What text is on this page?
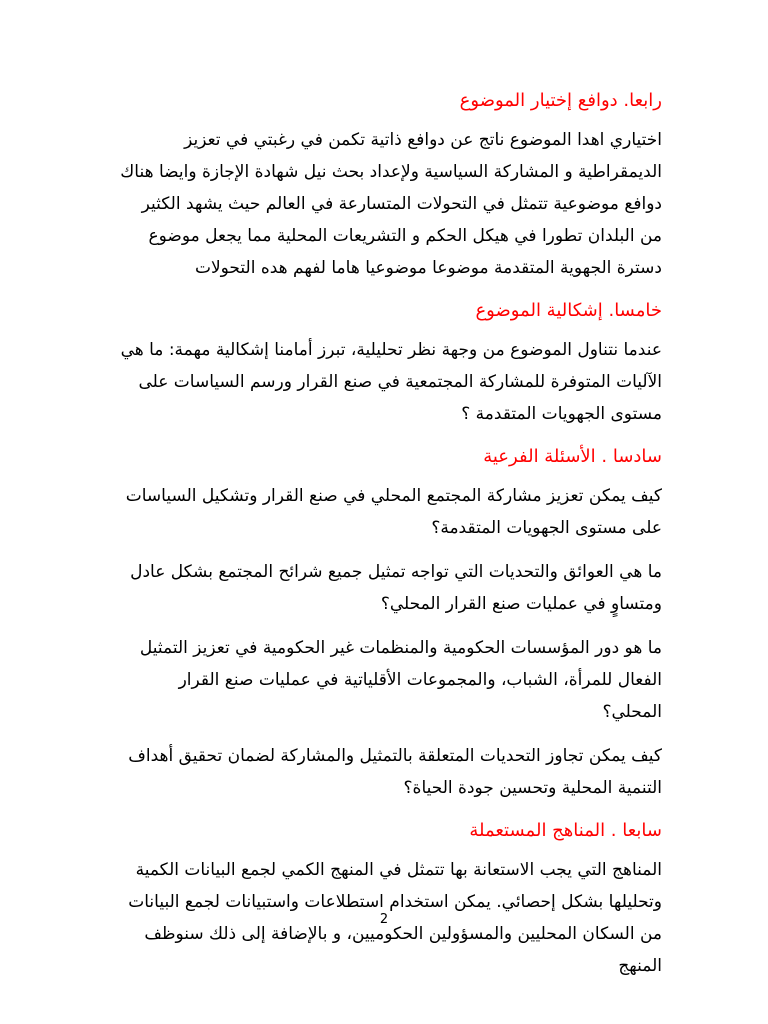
رابعا. دوافع إختيار الموضوع

اختياري اهدا الموضوع ناتج عن دوافع ذاتية تكمن في رغبتي في تعزيز الديمقراطية و المشاركة السياسية ولإعداد بحث نيل شهادة الإجازة وايضا هناك دوافع موضوعية تتمثل في التحولات المتسارعة في العالم حيث يشهد الكثير من البلدان تطورا في هيكل الحكم و التشريعات المحلية مما يجعل موضوع دسترة الجهوية المتقدمة موضوعا موضوعيا هاما لفهم هده التحولات

خامسا. إشكالية الموضوع

عندما نتناول الموضوع من وجهة نظر تحليلية، تبرز أمامنا إشكالية مهمة: ما هي الآليات المتوفرة للمشاركة المجتمعية في صنع القرار ورسم السياسات على مستوى الجهويات المتقدمة ؟

سادسا . الأسئلة الفرعية

كيف يمكن تعزيز مشاركة المجتمع المحلي في صنع القرار وتشكيل السياسات على مستوى الجهويات المتقدمة؟

ما هي العوائق والتحديات التي تواجه تمثيل جميع شرائح المجتمع بشكل عادل ومتساوٍ في عمليات صنع القرار المحلي؟

ما هو دور المؤسسات الحكومية والمنظمات غير الحكومية في تعزيز التمثيل الفعال للمرأة، الشباب، والمجموعات الأقلياتية في عمليات صنع القرار المحلي؟

كيف يمكن تجاوز التحديات المتعلقة بالتمثيل والمشاركة لضمان تحقيق أهداف التنمية المحلية وتحسين جودة الحياة؟

سابعا . المناهج المستعملة

المناهج التي يجب الاستعانة بها تتمثل في المنهج الكمي لجمع البيانات الكمية وتحليلها بشكل إحصائي. يمكن استخدام استطلاعات واستبيانات لجمع البيانات من السكان المحليين والمسؤولين الحكوميين، و بالإضافة إلى ذلك سنوظف المنهج

2
